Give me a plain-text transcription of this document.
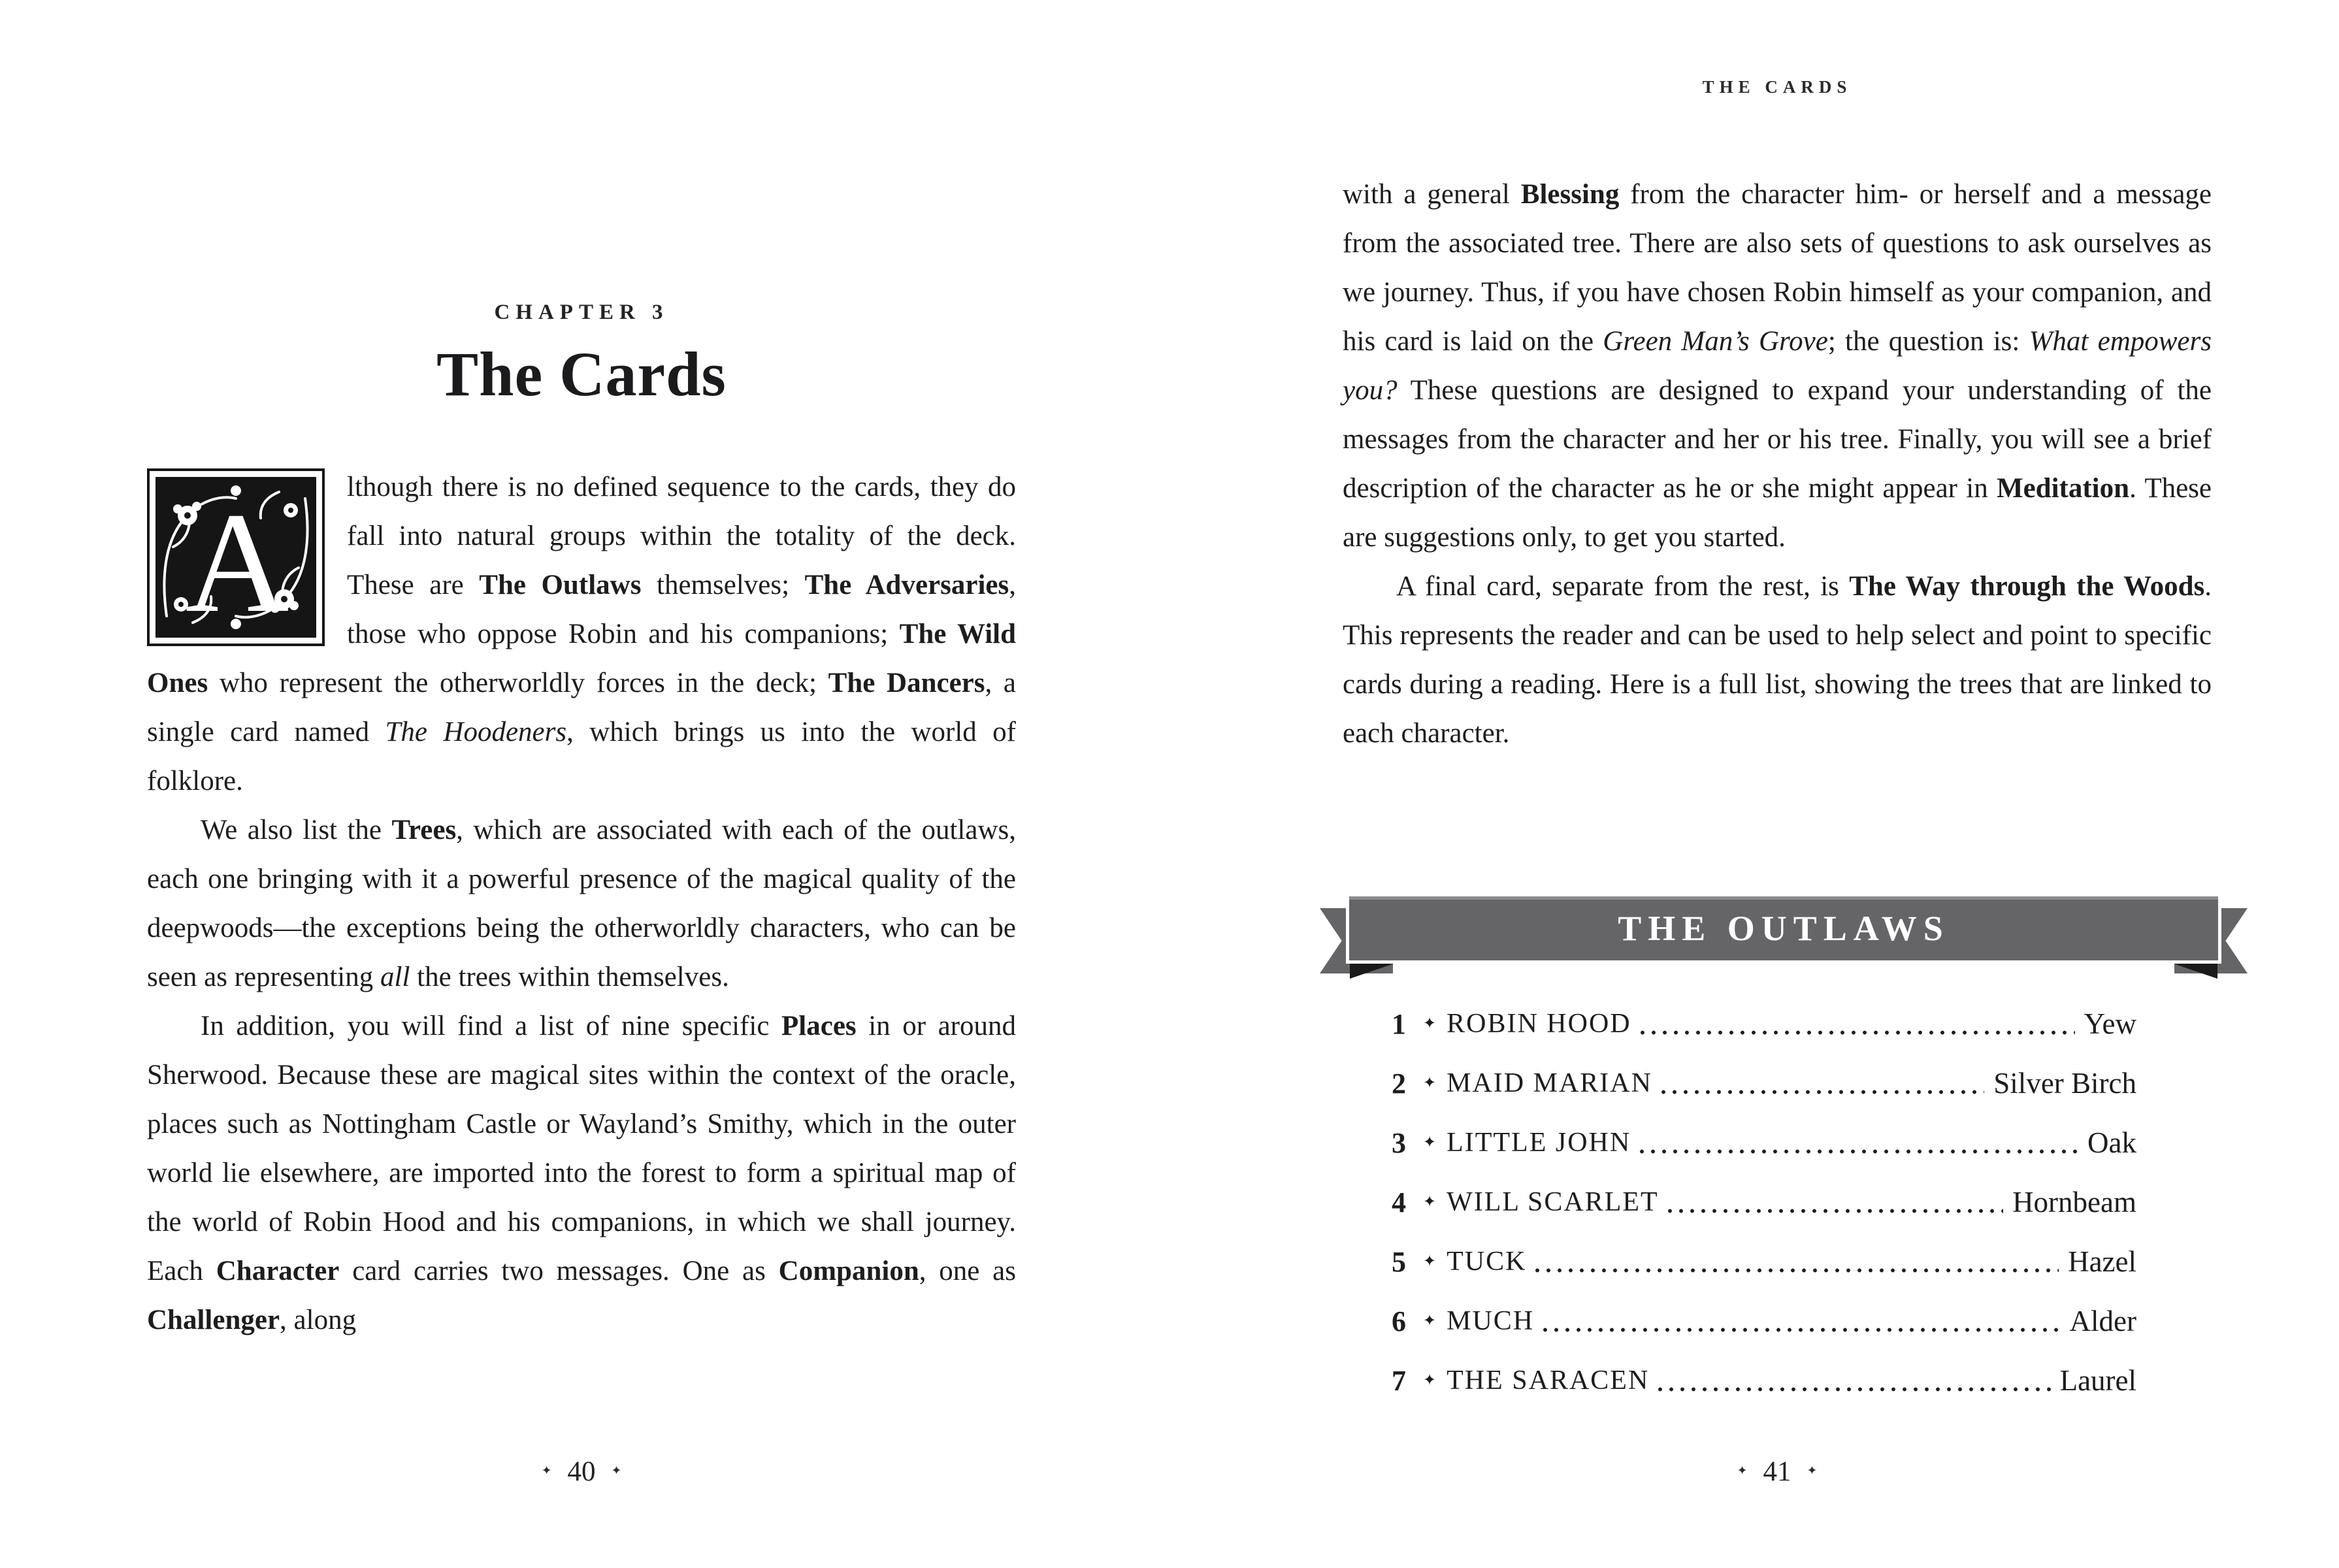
CHAPTER 3
The Cards

A lthough there is no defined sequence to the cards, they do fall into natural groups within the totality of the deck. These are The Outlaws themselves; The Adversaries, those who oppose Robin and his companions; The Wild Ones who represent the otherworldly forces in the deck; The Dancers, a single card named The Hoodeners, which brings us into the world of folklore.

We also list the Trees, which are associated with each of the outlaws, each one bringing with it a powerful presence of the magical quality of the deepwoods—the exceptions being the otherworldly characters, who can be seen as representing all the trees within themselves.

In addition, you will find a list of nine specific Places in or around Sherwood. Because these are magical sites within the context of the oracle, places such as Nottingham Castle or Wayland’s Smithy, which in the outer world lie elsewhere, are imported into the forest to form a spiritual map of the world of Robin Hood and his companions, in which we shall journey. Each Character card carries two messages. One as Companion, one as Challenger, along

✦ 40 ✦
THE CARDS

with a general Blessing from the character him- or herself and a message from the associated tree. There are also sets of questions to ask ourselves as we journey. Thus, if you have chosen Robin himself as your companion, and his card is laid on the Green Man’s Grove; the question is: What empowers you? These questions are designed to expand your understanding of the messages from the character and her or his tree. Finally, you will see a brief description of the character as he or she might appear in Meditation. These are suggestions only, to get you started.

A final card, separate from the rest, is The Way through the Woods. This represents the reader and can be used to help select and point to specific cards during a reading. Here is a full list, showing the trees that are linked to each character.

THE OUTLAWS
1	✦ ROBIN HOOD	Yew
2	✦ MAID MARIAN	Silver Birch
3	✦ LITTLE JOHN	Oak
4	✦ WILL SCARLET	Hornbeam
5	✦ TUCK	Hazel
6	✦ MUCH	Alder
7	✦ THE SARACEN	Laurel
✦ 41 ✦
